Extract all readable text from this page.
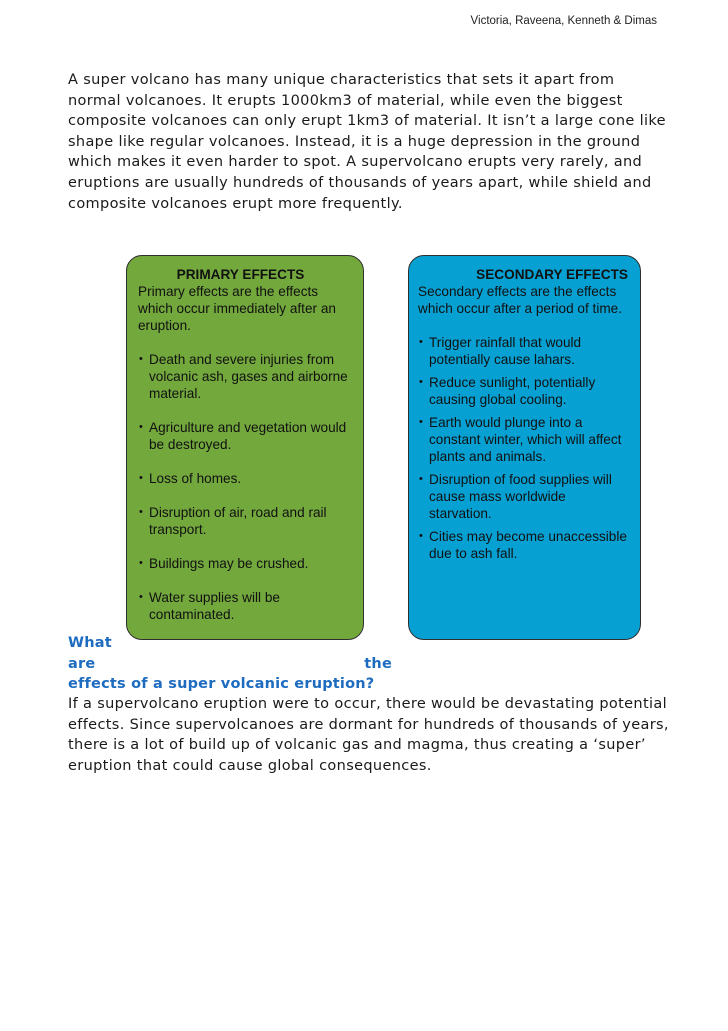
Victoria, Raveena, Kenneth & Dimas

A super volcano has many unique characteristics that sets it apart from normal volcanoes. It erupts 1000km3 of material, while even the biggest composite volcanoes can only erupt 1km3 of material. It isn’t a large cone like shape like regular volcanoes. Instead, it is a huge depression in the ground which makes it even harder to spot. A supervolcano erupts very rarely, and eruptions are usually hundreds of thousands of years apart, while shield and composite volcanoes erupt more frequently.

PRIMARY EFFECTS

Primary effects are the effects which occur immediately after an eruption.

• Death and severe injuries from volcanic ash, gases and airborne material.
• Agriculture and vegetation would be destroyed.
• Loss of homes.
• Disruption of air, road and rail transport.
• Buildings may be crushed.
• Water supplies will be contaminated.

SECONDARY EFFECTS

Secondary effects are the effects which occur after a period of time.

• Trigger rainfall that would potentially cause lahars.
• Reduce sunlight, potentially causing global cooling.
• Earth would plunge into a constant winter, which will affect plants and animals.
• Disruption of food supplies will cause mass worldwide starvation.
• Cities may become unaccessible due to ash fall.
What
are	the
effects of a super volcanic eruption?

If a supervolcano eruption were to occur, there would be devastating potential effects. Since supervolcanoes are dormant for hundreds of thousands of years, there is a lot of build up of volcanic gas and magma, thus creating a ‘super’ eruption that could cause global consequences.
